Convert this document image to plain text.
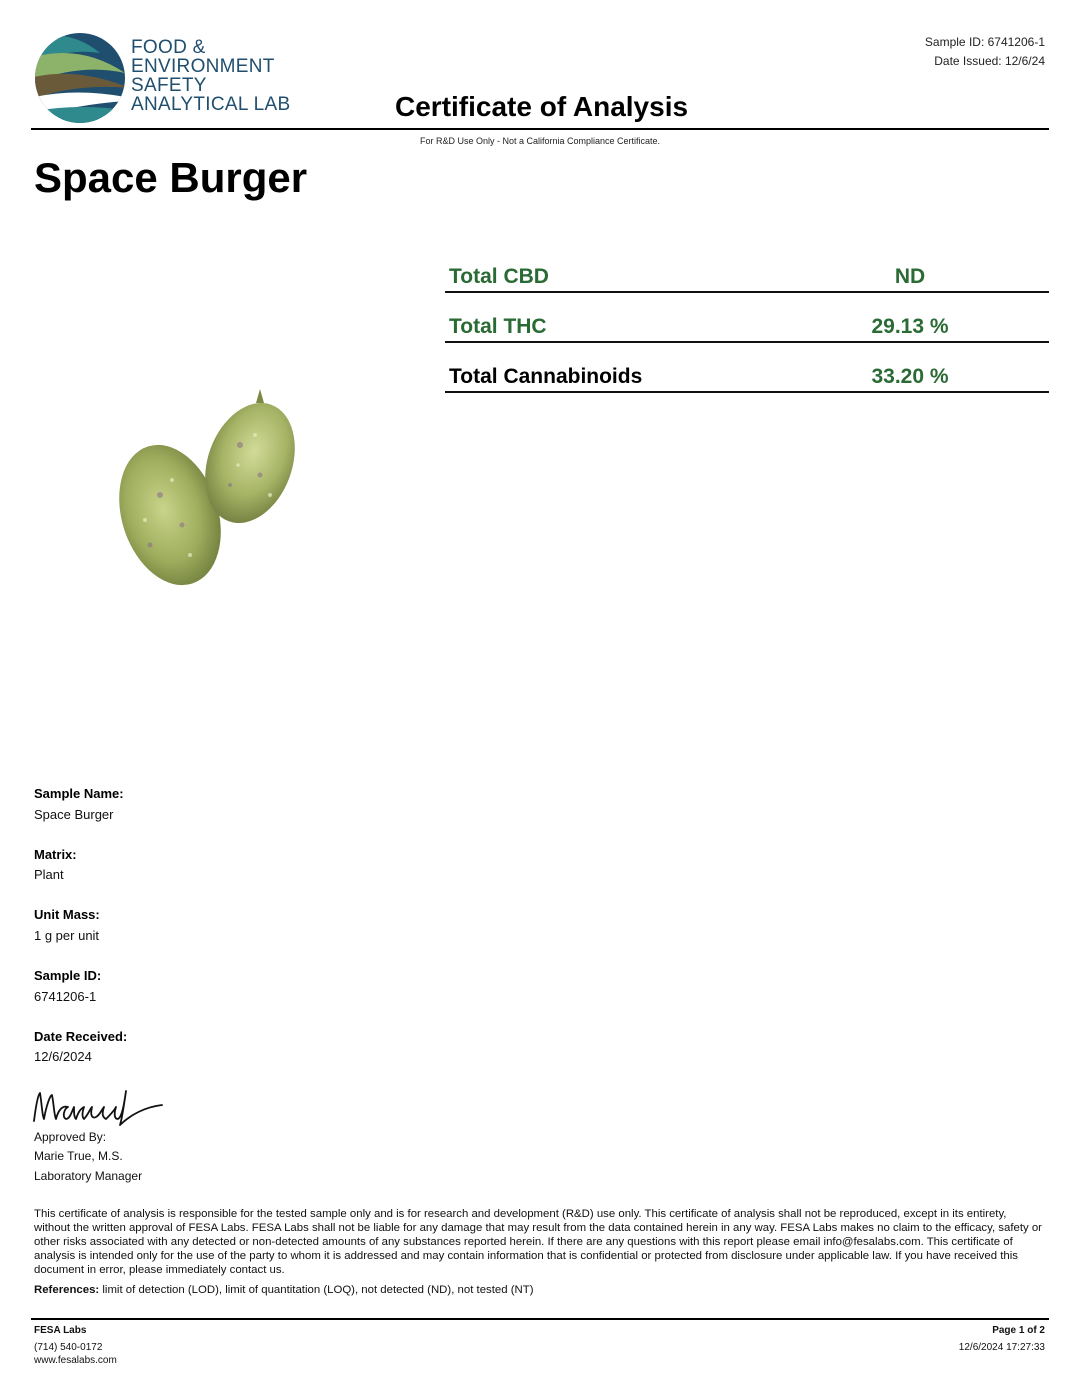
FOOD &
ENVIRONMENT
SAFETY
ANALYTICAL LAB
Sample ID: 6741206-1
Date Issued: 12/6/24
Certificate of Analysis
For R&D Use Only - Not a California Compliance Certificate.
Space Burger
Total CBD	ND
Total THC	29.13 %
Total Cannabinoids	33.20 %
Sample Name:
Space Burger
Matrix:
Plant
Unit Mass:
1 g per unit
Sample ID:
6741206-1
Date Received:
12/6/2024
Approved By:
Marie True, M.S.
Laboratory Manager
This certificate of analysis is responsible for the tested sample only and is for research and development (R&D) use only. This certificate of analysis shall not be reproduced, except in its entirety, without the written approval of FESA Labs. FESA Labs shall not be liable for any damage that may result from the data contained herein in any way. FESA Labs makes no claim to the efficacy, safety or other risks associated with any detected or non-detected amounts of any substances reported herein. If there are any questions with this report please email info@fesalabs.com. This certificate of analysis is intended only for the use of the party to whom it is addressed and may contain information that is confidential or protected from disclosure under applicable law. If you have received this document in error, please immediately contact us.
References: limit of detection (LOD), limit of quantitation (LOQ), not detected (ND), not tested (NT)
FESA Labs
(714) 540-0172
www.fesalabs.com
Page 1 of 2
12/6/2024 17:27:33
